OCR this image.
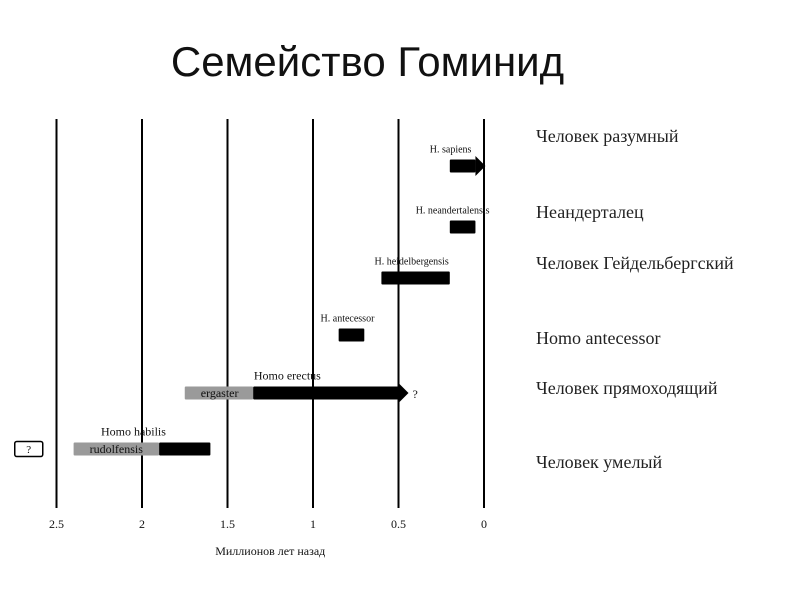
Семейство Гоминид
2.5	2	1.5	1	0.5	0
Миллионов лет назад
H. sapiens
H. neandertalensis
H. heidelbergensis
H. antecessor
ergaster
Homo erectus
?
rudolfensis
Homo habilis
?
Человек разумный
Неандерталец
Человек Гейдельбергский
Homo antecessor
Человек прямоходящий
Человек умелый
